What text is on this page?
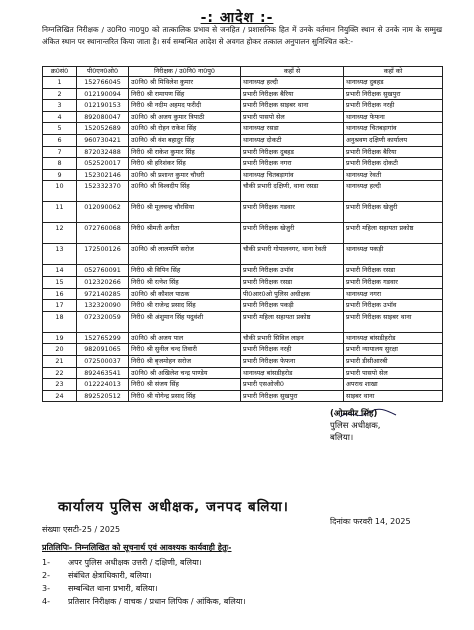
-: आदेश :-
निम्नलिखित निरीक्षक / उ0नि0 ना0पु0 को तात्कालिक प्रभाव से जनहित / प्रशासनिक हित में उनके वर्तमान नियुक्ति स्थान से उनके नाम के सम्मुख अंकित स्थान पर स्थानान्तरित किया जाता है। सर्व सम्बन्धित आदेश से अवगत होकर तत्काल अनुपालन सुनिश्चित करे:-
क्र0सं0	पी0एन0ओ0	निरीक्षक / उ0नि0 ना0पु0	कहाँ से	कहाँ को
1	152766045	उ0नि0 श्री मिथिलेश कुमार	थानाध्यक्ष हल्दी	थानाध्यक्ष दुबहड
2	012190094	निरी0 श्री रामायण सिंह	प्रभारी निरीक्षक बैरिया	प्रभारी निरीक्षक सुखपुरा
3	012190153	निरी0 श्री नदीम अहमद फरीदी	प्रभारी निरीक्षक साइबर थाना	प्रभारी निरीक्षक नरही
4	892080047	उ0नि0 श्री अजय कुमार त्रिपाठी	प्रभारी पासपो सेल	थानाध्यक्ष फेफना
5	152052689	उ0नि0 श्री रोहन राकेश सिंह	थानाध्यक्ष रसडा	थानाध्यक्ष चितबड़ागांव
6	960730421	उ0नि0 श्री वंश बहादुर सिंह	थानाध्यक्ष दोकटी	अनुश्रवण दक्षिणी कार्यालय
7	872032488	निरी0 श्री राकेश कुमार सिंह	प्रभारी निरीक्षक दुबहड	प्रभारी निरीक्षक बैरिया
8	052520017	निरी0 श्री हरिशंकर सिंह	प्रभारी निरीक्षक नगरा	प्रभारी निरीक्षक दोकटी
9	152302146	उ0नि0 श्री प्रशान्त कुमार चौधरी	थानाध्यक्ष चितबड़ागांव	थानाध्यक्ष रेवती
10	152332370	उ0नि0 श्री विश्वदीप सिंह	चौकी प्रभारी दक्षिणी, थाना रसडा	थानाध्यक्ष हल्दी
11	012090062	निरी0 श्री मूलचन्द्र चौरसिया	प्रभारी निरीक्षक गडवार	प्रभारी निरीक्षक खेजुरी
12	072760068	निरी0 श्रीमती अनीता	प्रभारी निरीक्षक खेजुरी	प्रभारी महिला सहायता प्रकोष्ठ
13	172500126	उ0नि0 श्री लालमणि सरोज	चौकी प्रभारी गोपालनगर, थाना रेवती	थानाध्यक्ष पकड़ी
14	052760091	निरी0 श्री विपिन सिंह	प्रभारी निरीक्षक उभॉव	प्रभारी निरीक्षक रसडा
15	012320266	निरी0 श्री रत्नेश सिंह	प्रभारी निरीक्षक रसडा	प्रभारी निरीक्षक गडवार
16	972140285	उ0नि0 श्री कौशल पाठक	पी0आर0ओ पुलिस अधीक्षक	थानाध्यक्ष नगरा
17	132320090	निरी0 श्री राजेन्द्र प्रसाद सिंह	प्रभारी निरीक्षक पकड़ी	प्रभारी निरीक्षक उभॉव
18	072320059	निरी0 श्री अंशुमान सिंह यदुवंशी	प्रभारी महिला सहायता प्रकोष्ठ	प्रभारी निरीक्षक साइबर थाना
19	152765299	उ0नि0 श्री अजय पाल	चौकी प्रभारी सिविल लाइन	थानाध्यक्ष बांसडीहरोड
20	982091065	निरी0 श्री सुनील चन्द तिवारी	प्रभारी निरीक्षक नरही	प्रभारी न्यायालय सुरक्षा
21	072500037	निरी0 श्री बृजमोहन सरोज	प्रभारी निरीक्षक फेफना	प्रभारी डीसीआरबी
22	892463541	उ0नि0 श्री अखिलेश चन्द्र पाण्डेय	थानाध्यक्ष बांसडीहरोड	प्रभारी पासपो सेल
23	012224013	निरी0 श्री संजय सिंह	प्रभारी एसओजी0	अपराध शाखा
24	892520512	निरी0 श्री योगेन्द्र प्रसाद सिंह	प्रभारी निरीक्षक सुखपुरा	साइबर थाना
(ओमवीर सिंह)
पुलिस अधीक्षक,
बलिया।
कार्यालय पुलिस अधीक्षक, जनपद बलिया।
संख्याः एसटी-25 / 2025
दिनांकः फरवरी 14, 2025
प्रतिलिपिः- निम्नलिखित को सूचनार्थ एवं आवश्यक कार्यवाही हेतुः-
1- अपर पुलिस अधीक्षक उत्तरी / दक्षिणी, बलिया।
2- संबंधित क्षेत्राधिकारी, बलिया।
3- सम्बन्धित थाना प्रभारी, बलिया।
4- प्रतिसार निरीक्षक / वाचक / प्रधान लिपिक / आंकिक, बलिया।
